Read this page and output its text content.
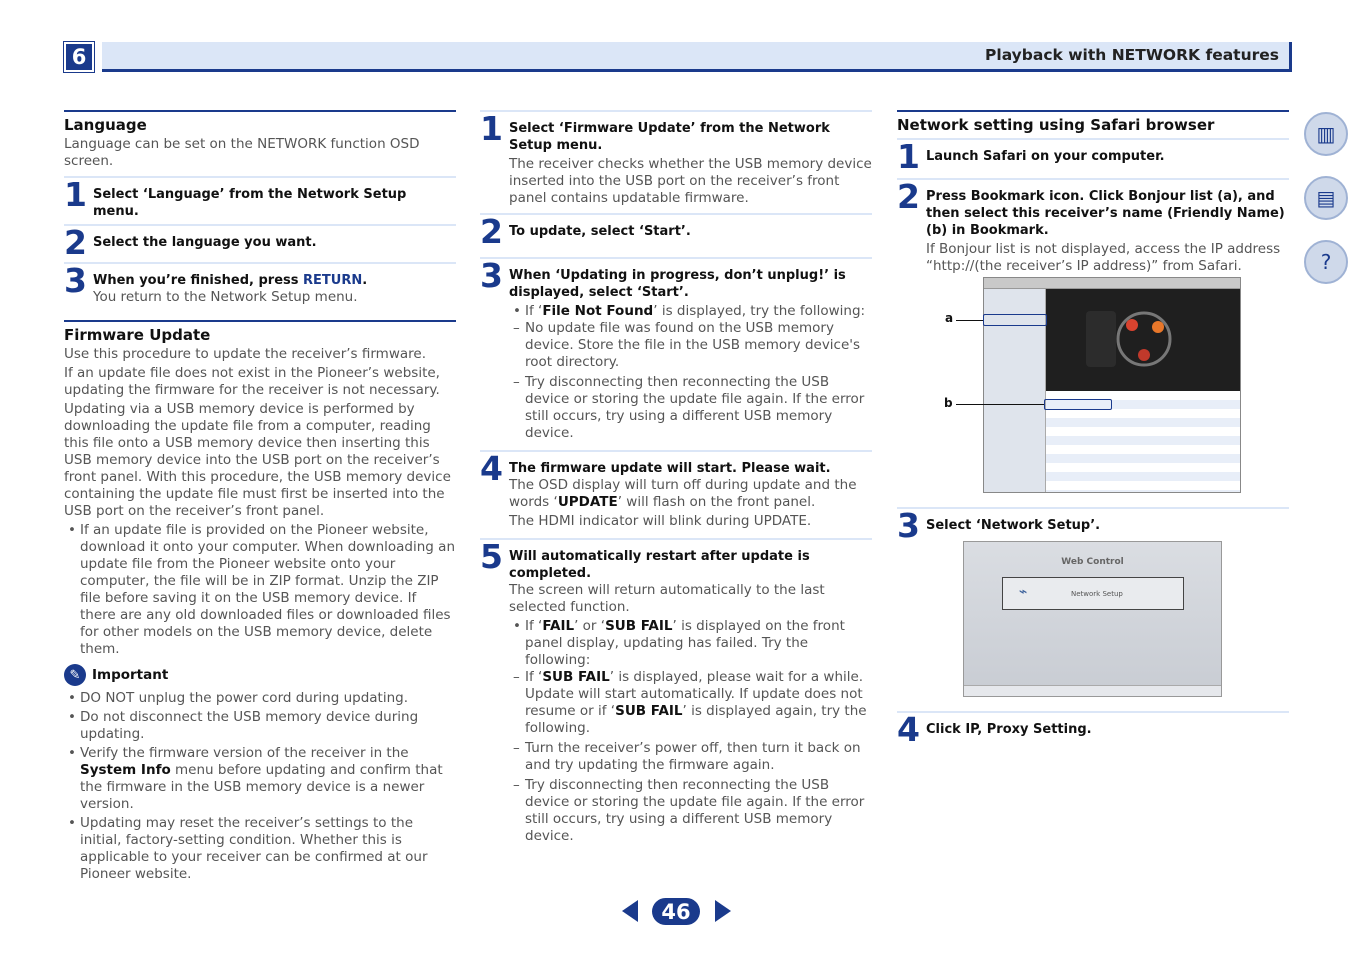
6	Playback with NETWORK features
Language
Language can be set on the NETWORK function OSD screen.
1 Select ‘Language’ from the Network Setup menu.
2 Select the language you want.
3 When you’re finished, press RETURN.
You return to the Network Setup menu.
Firmware Update
Use this procedure to update the receiver’s firmware.
If an update file does not exist in the Pioneer’s website, updating the firmware for the receiver is not necessary.
Updating via a USB memory device is performed by downloading the update file from a computer, reading this file onto a USB memory device then inserting this USB memory device into the USB port on the receiver’s front panel. With this procedure, the USB memory device containing the update file must first be inserted into the USB port on the receiver’s front panel.
• If an update file is provided on the Pioneer website, download it onto your computer. When downloading an update file from the Pioneer website onto your computer, the file will be in ZIP format. Unzip the ZIP file before saving it on the USB memory device. If there are any old downloaded files or downloaded files for other models on the USB memory device, delete them.
✎ Important
• DO NOT unplug the power cord during updating.
• Do not disconnect the USB memory device during updating.
• Verify the firmware version of the receiver in the System Info menu before updating and confirm that the firmware in the USB memory device is a newer version.
• Updating may reset the receiver’s settings to the initial, factory-setting condition. Whether this is applicable to your receiver can be confirmed at our Pioneer website.
1 Select ‘Firmware Update’ from the Network Setup menu.
The receiver checks whether the USB memory device inserted into the USB port on the receiver’s front panel contains updatable firmware.
2 To update, select ‘Start’.
3 When ‘Updating in progress, don’t unplug!’ is displayed, select ‘Start’.
• If ‘File Not Found’ is displayed, try the following:
– No update file was found on the USB memory device. Store the file in the USB memory device's root directory.
– Try disconnecting then reconnecting the USB device or storing the update file again. If the error still occurs, try using a different USB memory device.
4 The firmware update will start. Please wait.
The OSD display will turn off during update and the words ‘UPDATE’ will flash on the front panel.
The HDMI indicator will blink during UPDATE.
5 Will automatically restart after update is completed.
The screen will return automatically to the last selected function.
• If ‘FAIL’ or ‘SUB FAIL’ is displayed on the front panel display, updating has failed. Try the following:
– If ‘SUB FAIL’ is displayed, please wait for a while. Update will start automatically. If update does not resume or if ‘SUB FAIL’ is displayed again, try the following.
– Turn the receiver’s power off, then turn it back on and try updating the firmware again.
– Try disconnecting then reconnecting the USB device or storing the update file again. If the error still occurs, try using a different USB memory device.
Network setting using Safari browser
1 Launch Safari on your computer.
2 Press Bookmark icon. Click Bonjour list (a), and then select this receiver’s name (Friendly Name) (b) in Bookmark.
If Bonjour list is not displayed, access the IP address “http://(the receiver’s IP address)” from Safari.
a
b
3 Select ‘Network Setup’.
Web Control
⌁	Network Setup
4 Click IP, Proxy Setting.
▥
▤
?
46
